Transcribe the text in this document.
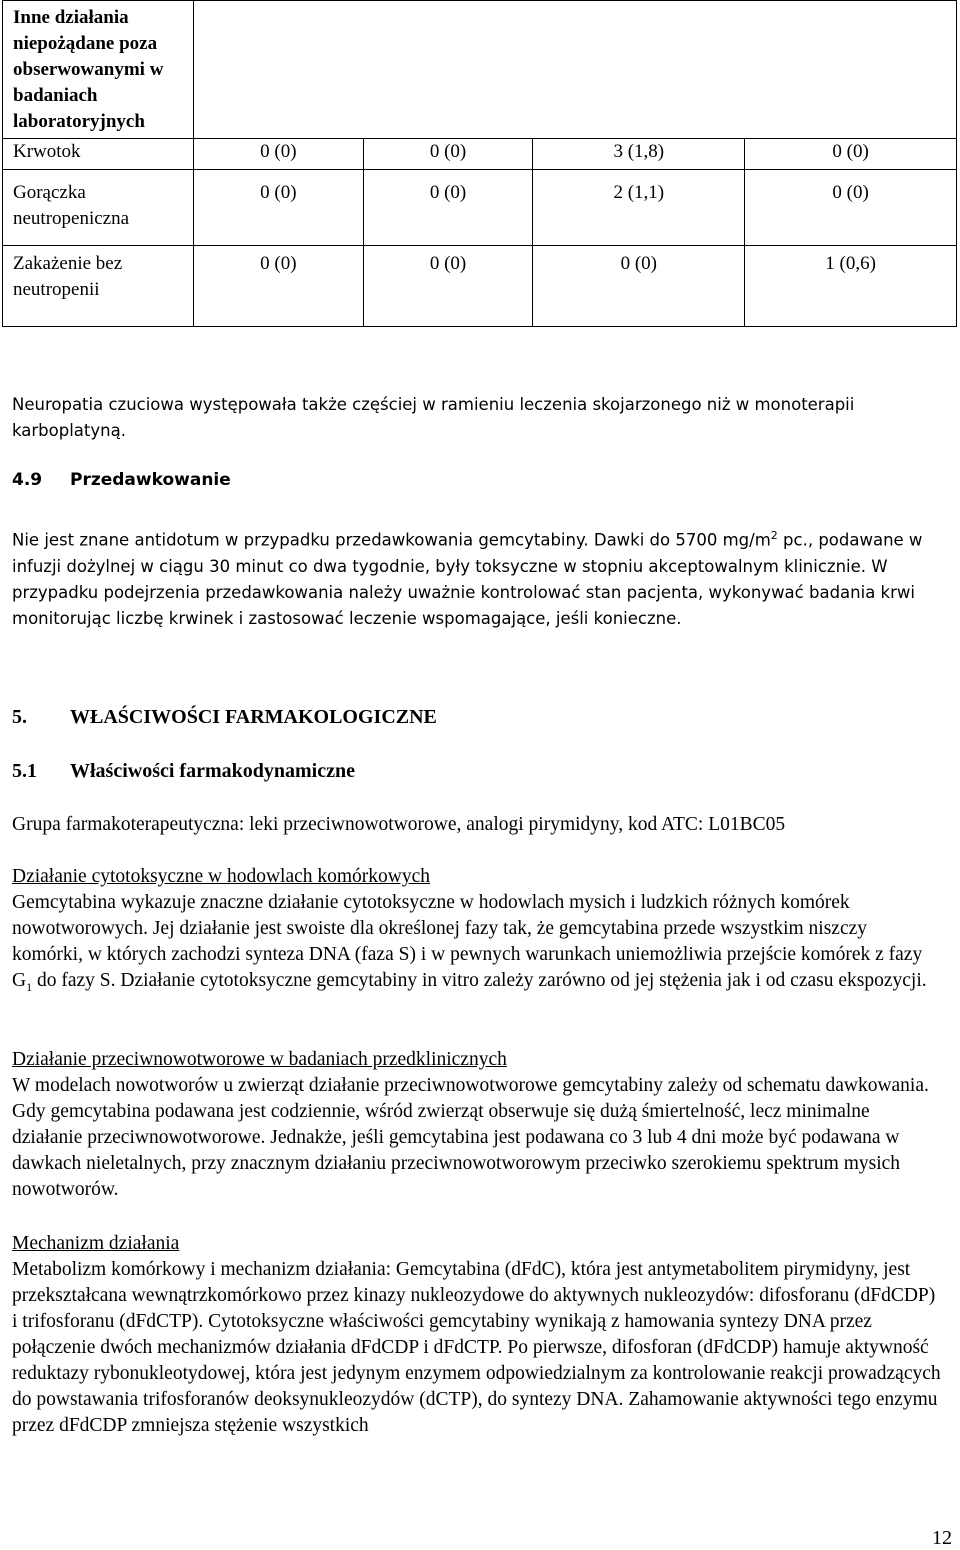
Inne działania niepożądane poza obserwowanymi w badaniach laboratoryjnych				
Krwotok	0 (0)	0 (0)	3 (1,8)	0 (0)
Gorączka neutropeniczna	0 (0)	0 (0)	2 (1,1)	0 (0)
Zakażenie bez neutropenii	0 (0)	0 (0)	0 (0)	1 (0,6)

Neuropatia czuciowa występowała także częściej w ramieniu leczenia skojarzonego niż w monoterapii karboplatyną.

4.9 Przedawkowanie

Nie jest znane antidotum w przypadku przedawkowania gemcytabiny. Dawki do 5700 $mg/m^2$ pc., podawane w infuzji dożylnej w ciągu 30 minut co dwa tygodnie, były toksyczne w stopniu akceptowalnym klinicznie. W przypadku podejrzenia przedawkowania należy uważnie kontrolować stan pacjenta, wykonywać badania krwi monitorując liczbę krwinek i zastosować leczenie wspomagające, jeśli konieczne.

5. WŁAŚCIWOŚCI FARMAKOLOGICZNE
5.1 Właściwości farmakodynamiczne

Grupa farmakoterapeutyczna: leki przeciwnowotworowe, analogi pirymidyny, kod ATC: L01BC05

Działanie cytotoksyczne w hodowlach komórkowych

Gemcytabina wykazuje znaczne działanie cytotoksyczne w hodowlach mysich i ludzkich różnych komórek nowotworowych. Jej działanie jest swoiste dla określonej fazy tak, że gemcytabina przede wszystkim niszczy komórki, w których zachodzi synteza DNA (faza S) i w pewnych warunkach uniemożliwia przejście komórek z fazy $G_1$ do fazy S. Działanie cytotoksyczne gemcytabiny in vitro zależy zarówno od jej stężenia jak i od czasu ekspozycji.

Działanie przeciwnowotworowe w badaniach przedklinicznych

W modelach nowotworów u zwierząt działanie przeciwnowotworowe gemcytabiny zależy od schematu dawkowania. Gdy gemcytabina podawana jest codziennie, wśród zwierząt obserwuje się dużą śmiertelność, lecz minimalne działanie przeciwnowotworowe. Jednakże, jeśli gemcytabina jest podawana co 3 lub 4 dni może być podawana w dawkach nieletalnych, przy znacznym działaniu przeciwnowotworowym przeciwko szerokiemu spektrum mysich nowotworów.

Mechanizm działania

Metabolizm komórkowy i mechanizm działania: Gemcytabina (dFdC), która jest antymetabolitem pirymidyny, jest przekształcana wewnątrzkomórkowo przez kinazy nukleozydowe do aktywnych nukleozydów: difosforanu (dFdCDP) i trifosforanu (dFdCTP). Cytotoksyczne właściwości gemcytabiny wynikają z hamowania syntezy DNA przez połączenie dwóch mechanizmów działania dFdCDP i dFdCTP. Po pierwsze, difosforan (dFdCDP) hamuje aktywność reduktazy rybonukleotydowej, która jest jedynym enzymem odpowiedzialnym za kontrolowanie reakcji prowadzących do powstawania trifosforanów deoksynukleozydów (dCTP), do syntezy DNA. Zahamowanie aktywności tego enzymu przez dFdCDP zmniejsza stężenie wszystkich

12
